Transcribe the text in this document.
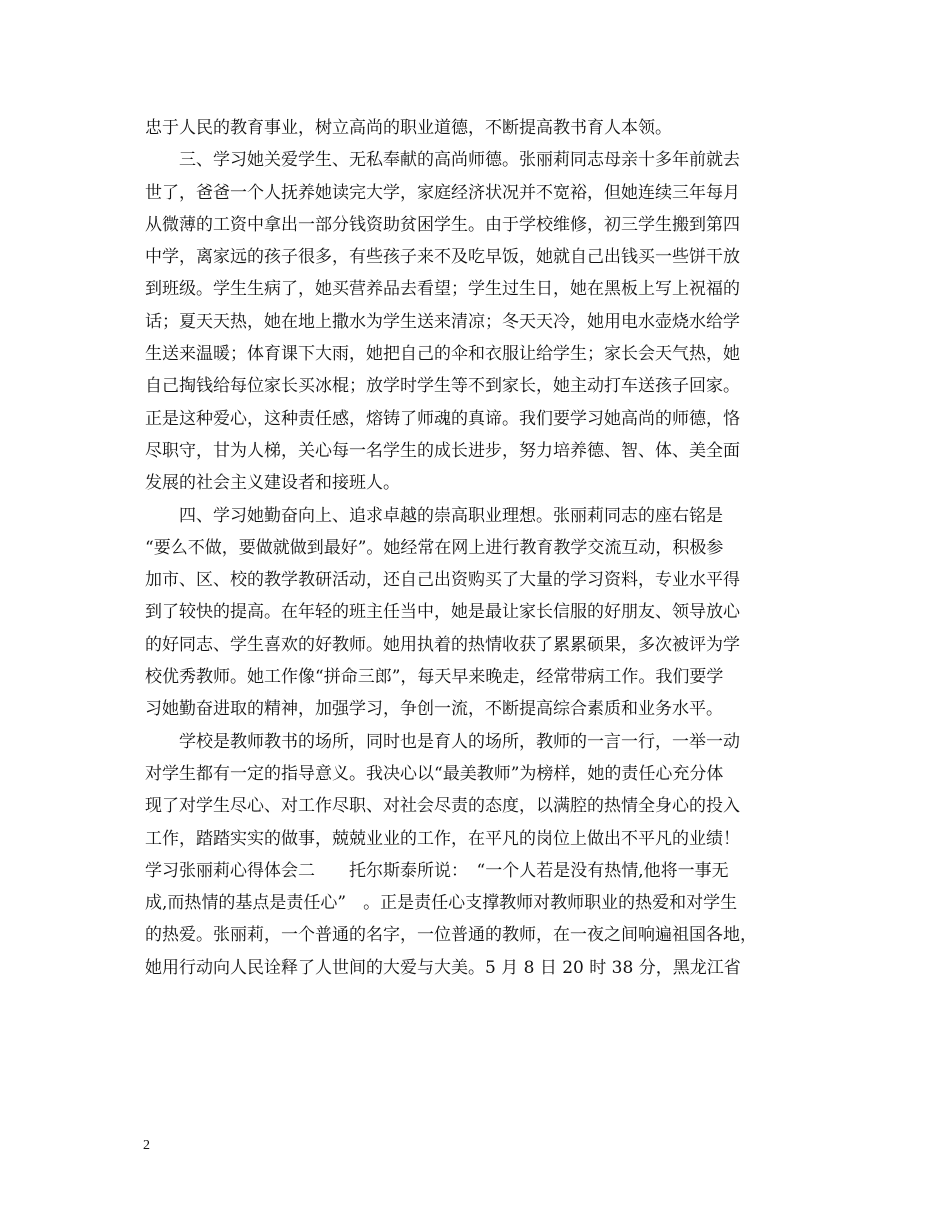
忠于人民的教育事业，树立高尚的职业道德，不断提高教书育人本领。
三、学习她关爱学生、无私奉献的高尚师德。张丽莉同志母亲十多年前就去
世了，爸爸一个人抚养她读完大学，家庭经济状况并不宽裕，但她连续三年每月
从微薄的工资中拿出一部分钱资助贫困学生。由于学校维修，初三学生搬到第四
中学，离家远的孩子很多，有些孩子来不及吃早饭，她就自己出钱买一些饼干放
到班级。学生生病了，她买营养品去看望；学生过生日，她在黑板上写上祝福的
话；夏天天热，她在地上撒水为学生送来清凉；冬天天冷，她用电水壶烧水给学
生送来温暖；体育课下大雨，她把自己的伞和衣服让给学生；家长会天气热，她
自己掏钱给每位家长买冰棍；放学时学生等不到家长，她主动打车送孩子回家。
正是这种爱心，这种责任感，熔铸了师魂的真谛。我们要学习她高尚的师德，恪
尽职守，甘为人梯，关心每一名学生的成长进步，努力培养德、智、体、美全面
发展的社会主义建设者和接班人。
四、学习她勤奋向上、追求卓越的崇高职业理想。张丽莉同志的座右铭是
“要么不做，要做就做到最好”。她经常在网上进行教育教学交流互动，积极参
加市、区、校的教学教研活动，还自己出资购买了大量的学习资料，专业水平得
到了较快的提高。在年轻的班主任当中，她是最让家长信服的好朋友、领导放心
的好同志、学生喜欢的好教师。她用执着的热情收获了累累硕果，多次被评为学
校优秀教师。她工作像“拼命三郎”，每天早来晚走，经常带病工作。我们要学
习她勤奋进取的精神，加强学习，争创一流，不断提高综合素质和业务水平。
学校是教师教书的场所，同时也是育人的场所，教师的一言一行，一举一动
对学生都有一定的指导意义。我决心以“最美教师”为榜样，她的责任心充分体
现了对学生尽心、对工作尽职、对社会尽责的态度，以满腔的热情全身心的投入
工作，踏踏实实的做事，兢兢业业的工作，在平凡的岗位上做出不平凡的业绩！
学习张丽莉心得体会二　　托尔斯泰所说：　“一个人若是没有热情,他将一事无
成,而热情的基点是责任心”　。正是责任心支撑教师对教师职业的热爱和对学生
的热爱。张丽莉，一个普通的名字，一位普通的教师，在一夜之间响遍祖国各地，
她用行动向人民诠释了人世间的大爱与大美。5 月 8 日 20 时 38 分，黑龙江省
2
